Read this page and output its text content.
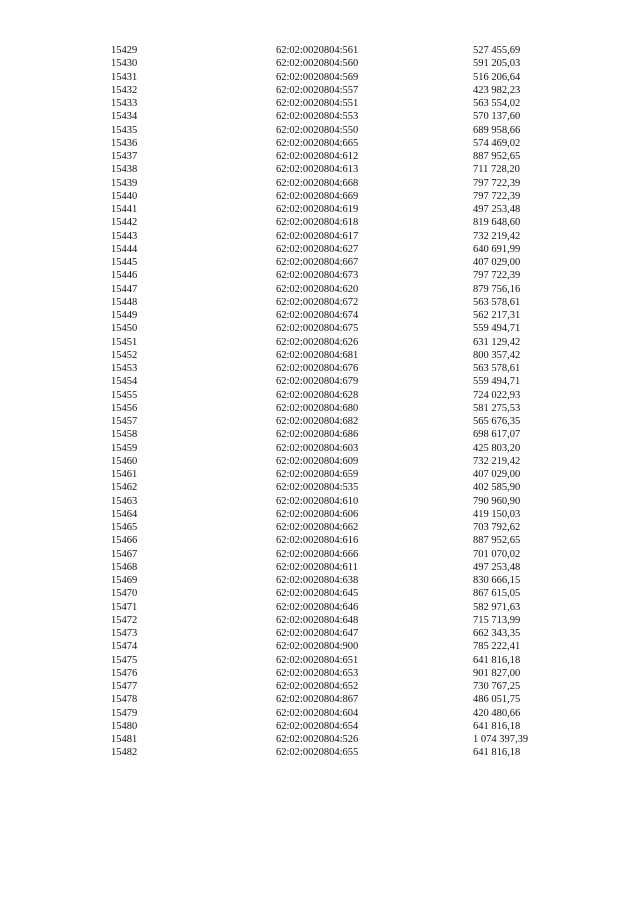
15429	62:02:0020804:561	527 455,69
15430	62:02:0020804:560	591 205,03
15431	62:02:0020804:569	516 206,64
15432	62:02:0020804:557	423 982,23
15433	62:02:0020804:551	563 554,02
15434	62:02:0020804:553	570 137,60
15435	62:02:0020804:550	689 958,66
15436	62:02:0020804:665	574 469,02
15437	62:02:0020804:612	887 952,65
15438	62:02:0020804:613	711 728,20
15439	62:02:0020804:668	797 722,39
15440	62:02:0020804:669	797 722,39
15441	62:02:0020804:619	497 253,48
15442	62:02:0020804:618	819 648,60
15443	62:02:0020804:617	732 219,42
15444	62:02:0020804:627	640 691,99
15445	62:02:0020804:667	407 029,00
15446	62:02:0020804:673	797 722,39
15447	62:02:0020804:620	879 756,16
15448	62:02:0020804:672	563 578,61
15449	62:02:0020804:674	562 217,31
15450	62:02:0020804:675	559 494,71
15451	62:02:0020804:626	631 129,42
15452	62:02:0020804:681	800 357,42
15453	62:02:0020804:676	563 578,61
15454	62:02:0020804:679	559 494,71
15455	62:02:0020804:628	724 022,93
15456	62:02:0020804:680	581 275,53
15457	62:02:0020804:682	565 676,35
15458	62:02:0020804:686	698 617,07
15459	62:02:0020804:603	425 803,20
15460	62:02:0020804:609	732 219,42
15461	62:02:0020804:659	407 029,00
15462	62:02:0020804:535	402 585,90
15463	62:02:0020804:610	790 960,90
15464	62:02:0020804:606	419 150,03
15465	62:02:0020804:662	703 792,62
15466	62:02:0020804:616	887 952,65
15467	62:02:0020804:666	701 070,02
15468	62:02:0020804:611	497 253,48
15469	62:02:0020804:638	830 666,15
15470	62:02:0020804:645	867 615,05
15471	62:02:0020804:646	582 971,63
15472	62:02:0020804:648	715 713,99
15473	62:02:0020804:647	662 343,35
15474	62:02:0020804:900	785 222,41
15475	62:02:0020804:651	641 816,18
15476	62:02:0020804:653	901 827,00
15477	62:02:0020804:652	730 767,25
15478	62:02:0020804:867	486 051,75
15479	62:02:0020804:604	420 480,66
15480	62:02:0020804:654	641 816,18
15481	62:02:0020804:526	1 074 397,39
15482	62:02:0020804:655	641 816,18
